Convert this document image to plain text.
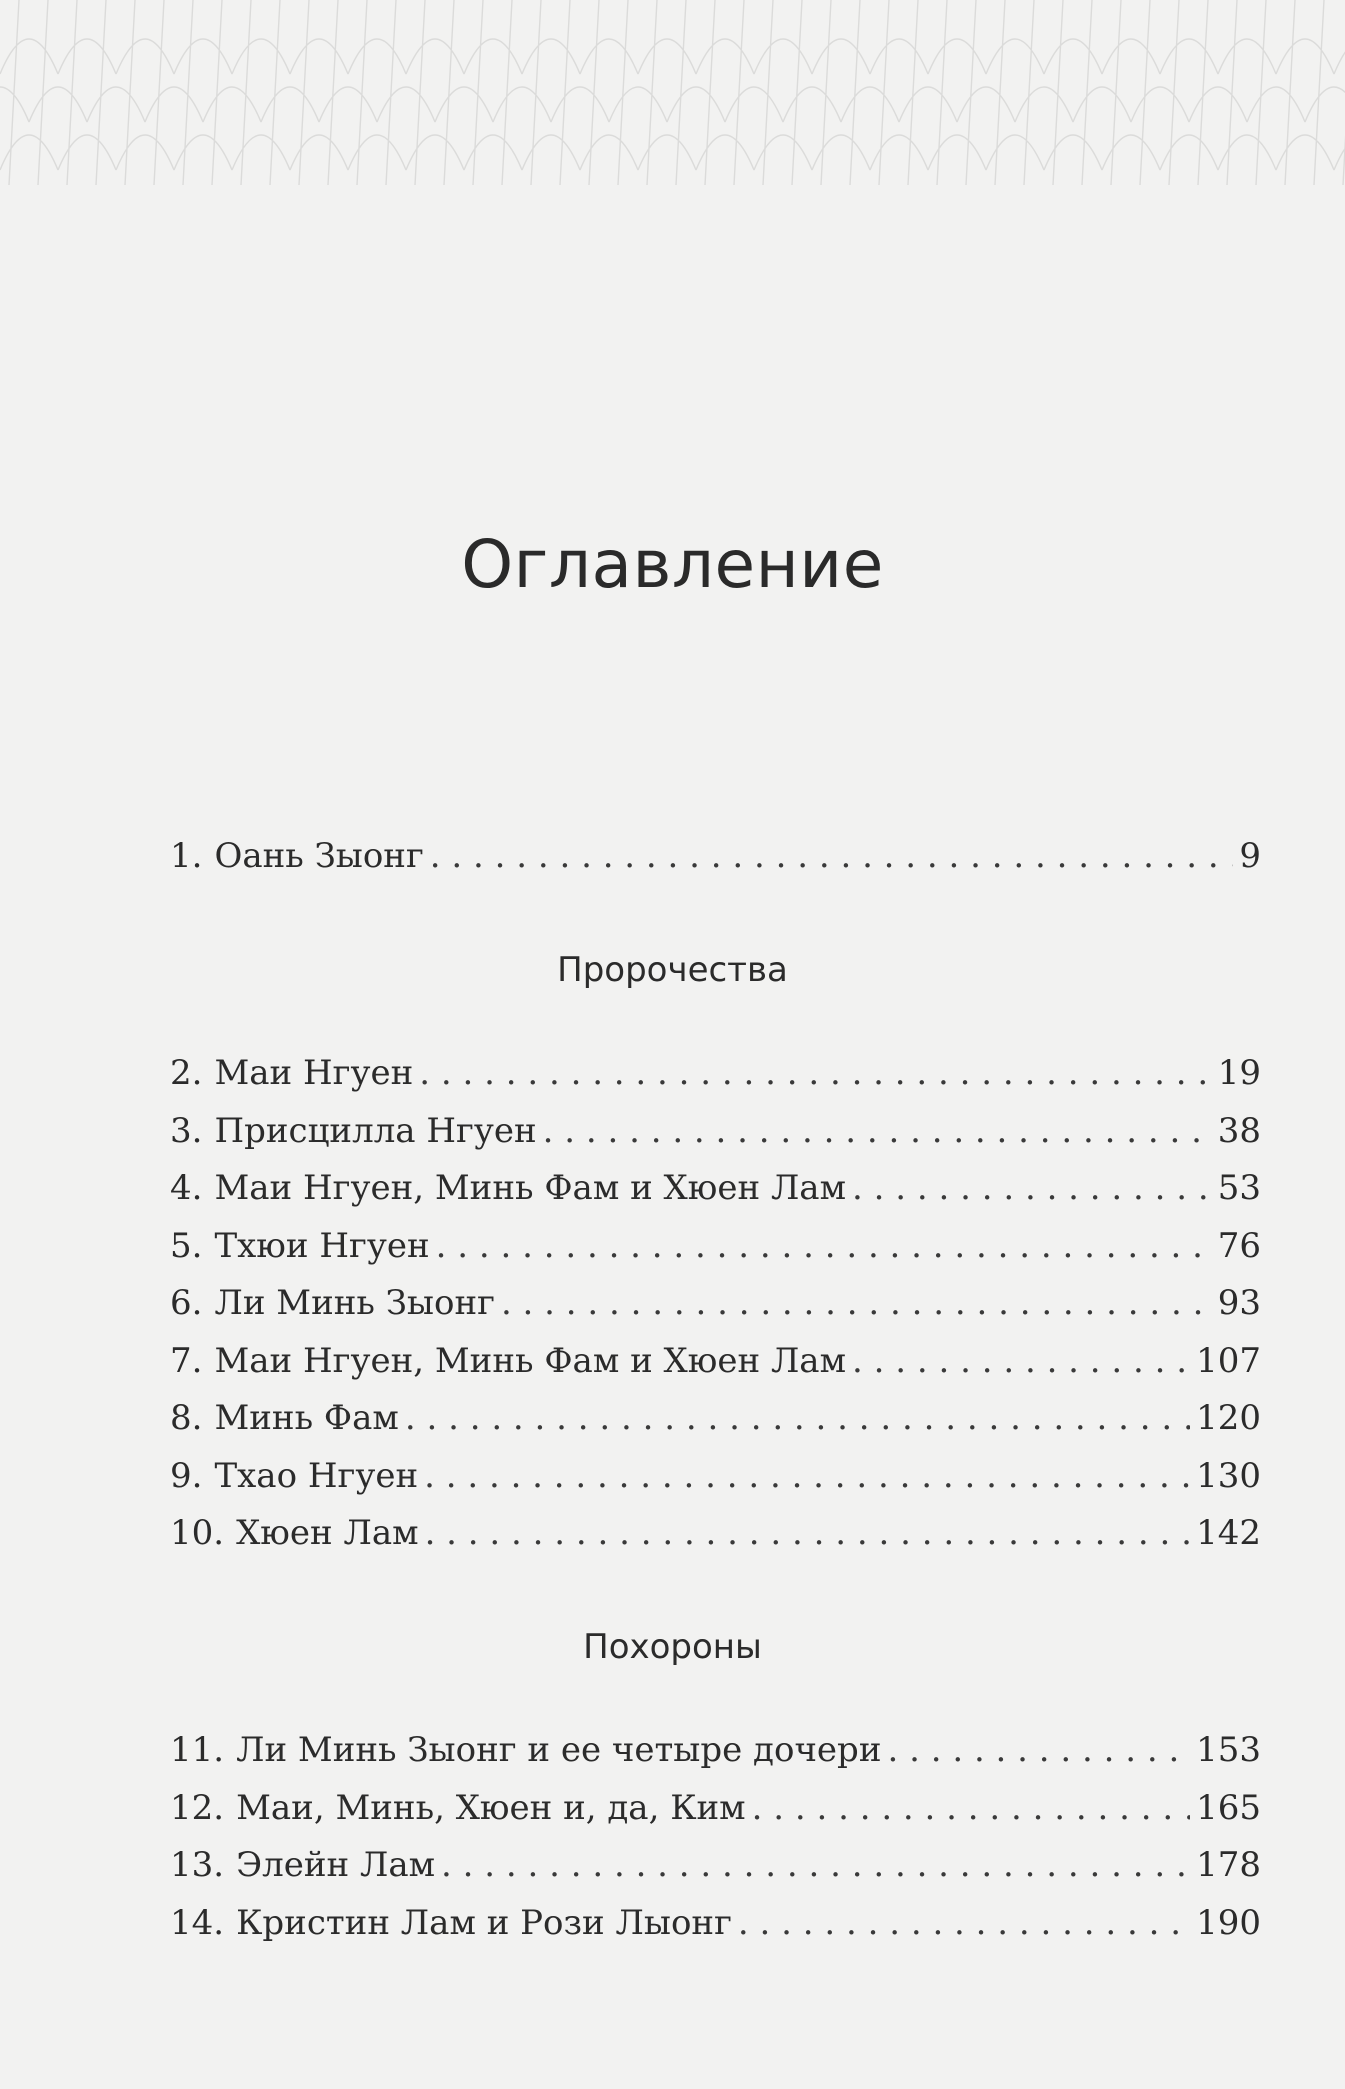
Оглавление
1. Оань Зыонг . . .	9
Пророчества
2. Маи Нгуен . . .	19
3. Присцилла Нгуен . . .	38
4. Маи Нгуен, Минь Фам и Хюен Лам . . .	53
5. Тхюи Нгуен . . .	76
6. Ли Минь Зыонг . . .	93
7. Маи Нгуен, Минь Фам и Хюен Лам . . .	107
8. Минь Фам . . .	120
9. Тхао Нгуен . . .	130
10. Хюен Лам . . .	142
Похороны
11. Ли Минь Зыонг и ее четыре дочери . . .	153
12. Маи, Минь, Хюен и, да, Ким . . .	165
13. Элейн Лам . . .	178
14. Кристин Лам и Рози Лыонг . . .	190
